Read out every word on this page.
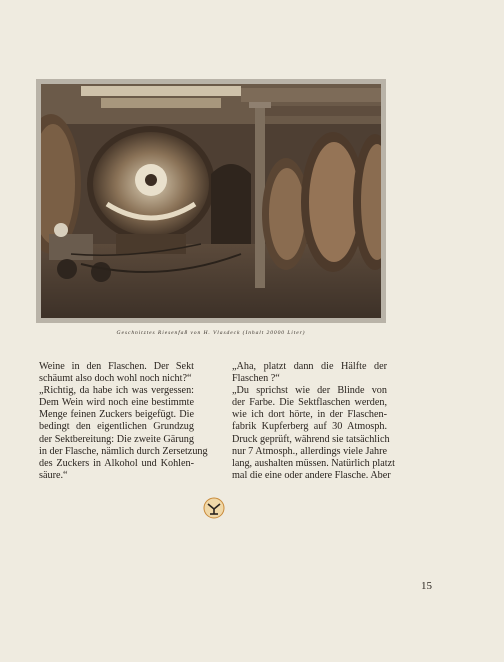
Geschnitztes Riesenfaß von H. Vlasdeck (Inhalt 20000 Liter)
Weine in den Flaschen. Der Sekt
schäumt also doch wohl noch nicht?“
„Richtig, da habe ich was vergessen:
Dem Wein wird noch eine bestimmte
Menge feinen Zuckers beigefügt. Die
bedingt den eigentlichen Grundzug
der Sektbereitung: Die zweite Gärung
in der Flasche, nämlich durch Zersetzung
des Zuckers in Alkohol und Kohlen-
säure.“
„Aha, platzt dann die Hälfte der
Flaschen ?“
„Du sprichst wie der Blinde von
der Farbe. Die Sektflaschen werden,
wie ich dort hörte, in der Flaschen-
fabrik Kupferberg auf 30 Atmosph.
Druck geprüft, während sie tatsächlich
nur 7 Atmosph., allerdings viele Jahre
lang, aushalten müssen. Natürlich platzt
mal die eine oder andere Flasche. Aber
15
